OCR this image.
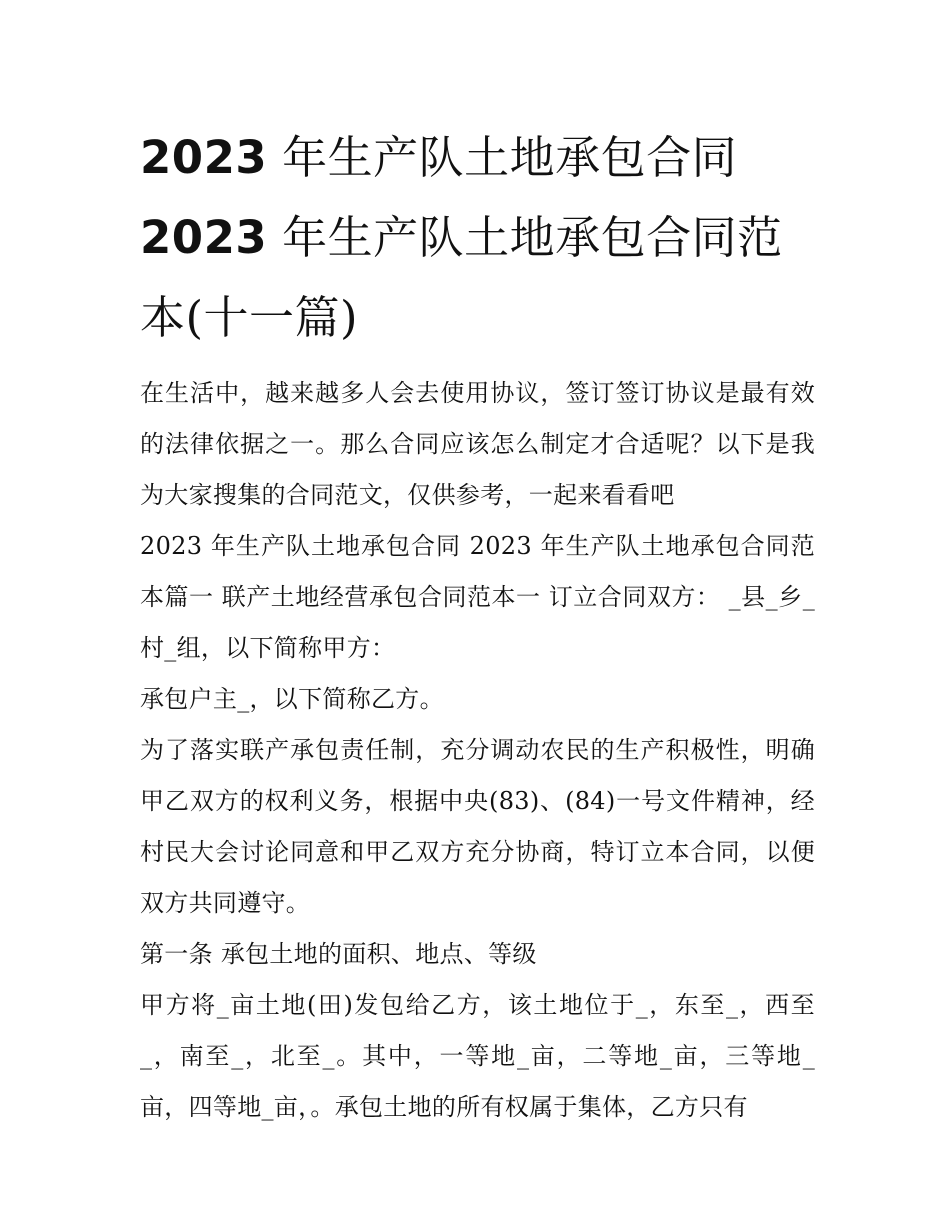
2023 年生产队土地承包合同
2023 年生产队土地承包合同范
本(十一篇)

在生活中，越来越多人会去使用协议，签订签订协议是最有效的法律依据之一。那么合同应该怎么制定才合适呢？以下是我为大家搜集的合同范文，仅供参考，一起来看看吧

2023 年生产队土地承包合同 2023 年生产队土地承包合同范本篇一 联产土地经营承包合同范本一 订立合同双方： _县_乡_村_组，以下简称甲方：

承包户主_，以下简称乙方。

为了落实联产承包责任制，充分调动农民的生产积极性，明确甲乙双方的权利义务，根据中央(83)、(84)一号文件精神，经村民大会讨论同意和甲乙双方充分协商，特订立本合同，以便双方共同遵守。

第一条 承包土地的面积、地点、等级

甲方将_亩土地(田)发包给乙方，该土地位于_，东至_，西至_，南至_，北至_。其中，一等地_亩，二等地_亩，三等地_亩，四等地_亩，。承包土地的所有权属于集体，乙方只有
